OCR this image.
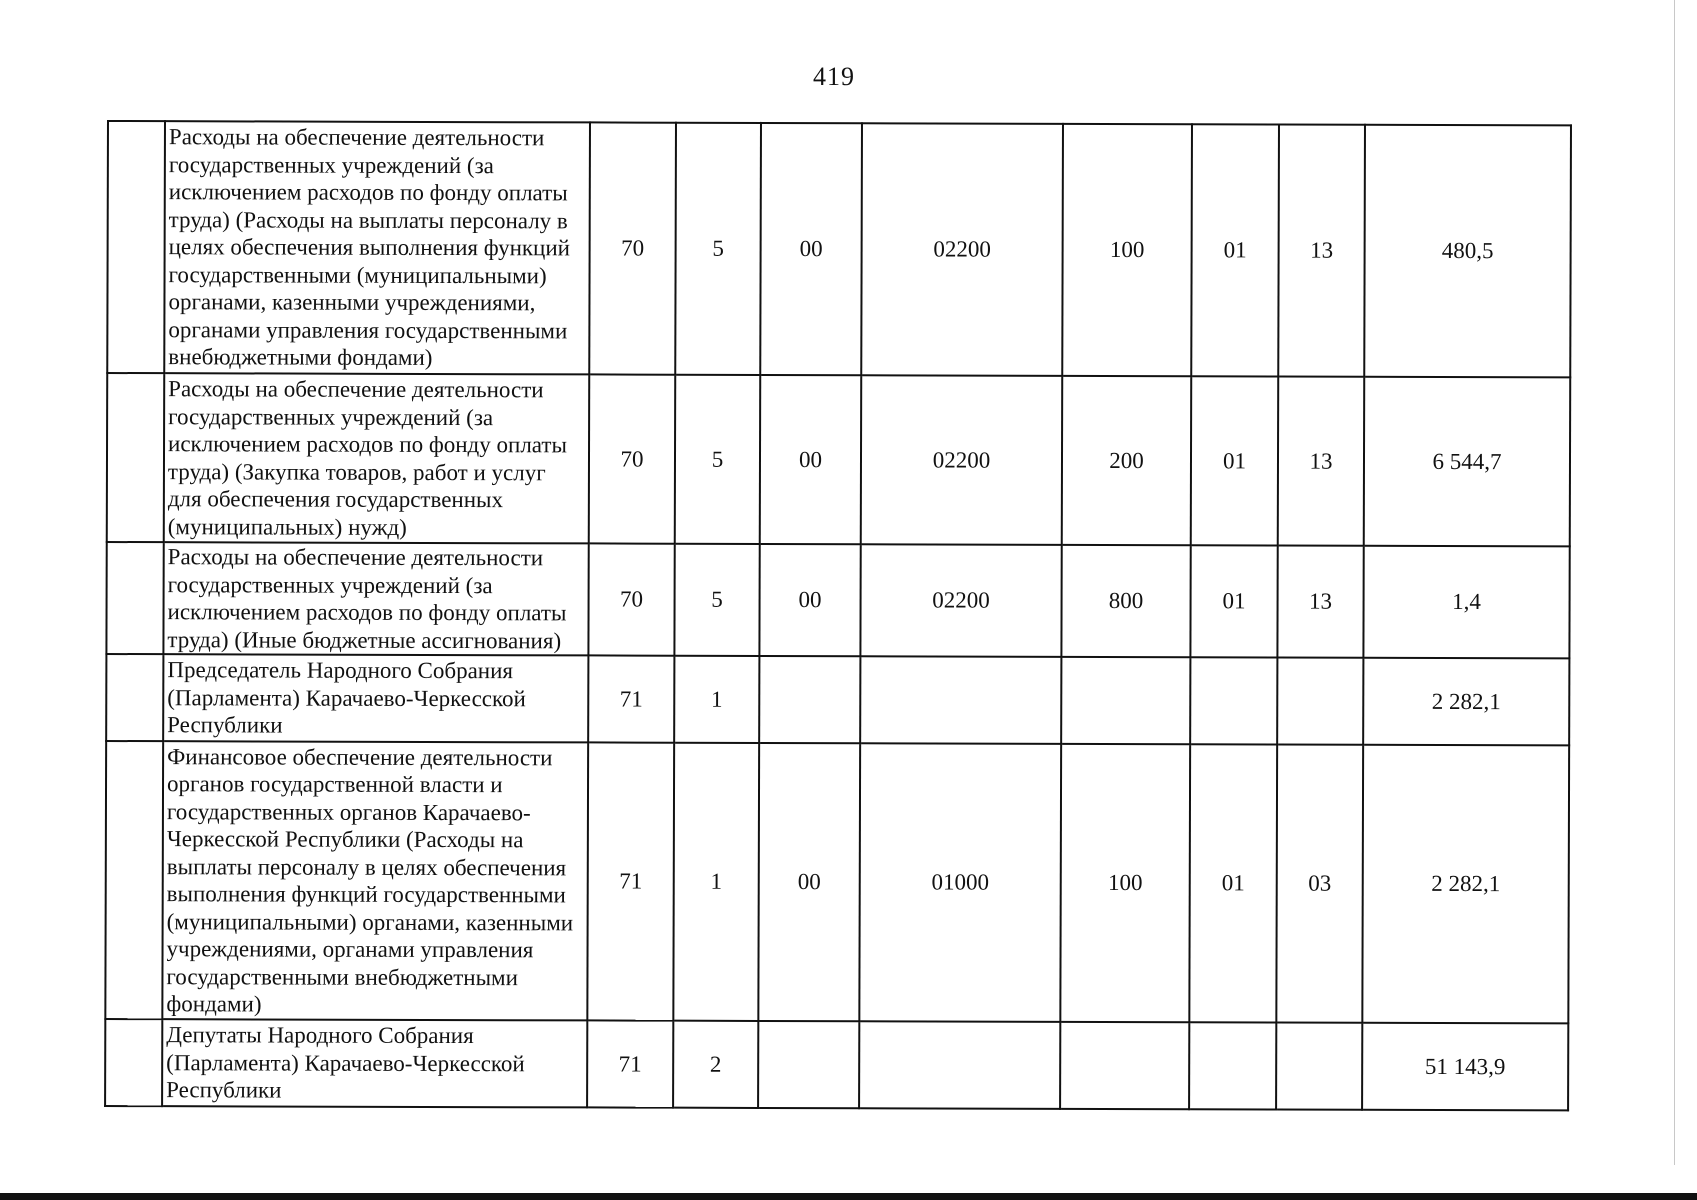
419
	Расходы на обеспечение деятельности государственных учреждений (за исключением расходов по фонду оплаты труда) (Расходы на выплаты персоналу в целях обеспечения выполнения функций государственными (муниципальными) органами, казенными учреждениями, органами управления государственными внебюджетными фондами)	70	5	00	02200	100	01	13	480,5
	Расходы на обеспечение деятельности государственных учреждений (за исключением расходов по фонду оплаты труда) (Закупка товаров, работ и услуг для обеспечения государственных (муниципальных) нужд)	70	5	00	02200	200	01	13	6 544,7
	Расходы на обеспечение деятельности государственных учреждений (за исключением расходов по фонду оплаты труда) (Иные бюджетные ассигнования)	70	5	00	02200	800	01	13	1,4
	Председатель Народного Собрания (Парламента) Карачаево-Черкесской Республики	71	1						2 282,1
	Финансовое обеспечение деятельности органов государственной власти и государственных органов Карачаево-Черкесской Республики (Расходы на выплаты персоналу в целях обеспечения выполнения функций государственными (муниципальными) органами, казенными учреждениями, органами управления государственными внебюджетными фондами)	71	1	00	01000	100	01	03	2 282,1
	Депутаты Народного Собрания (Парламента) Карачаево-Черкесской Республики	71	2						51 143,9
